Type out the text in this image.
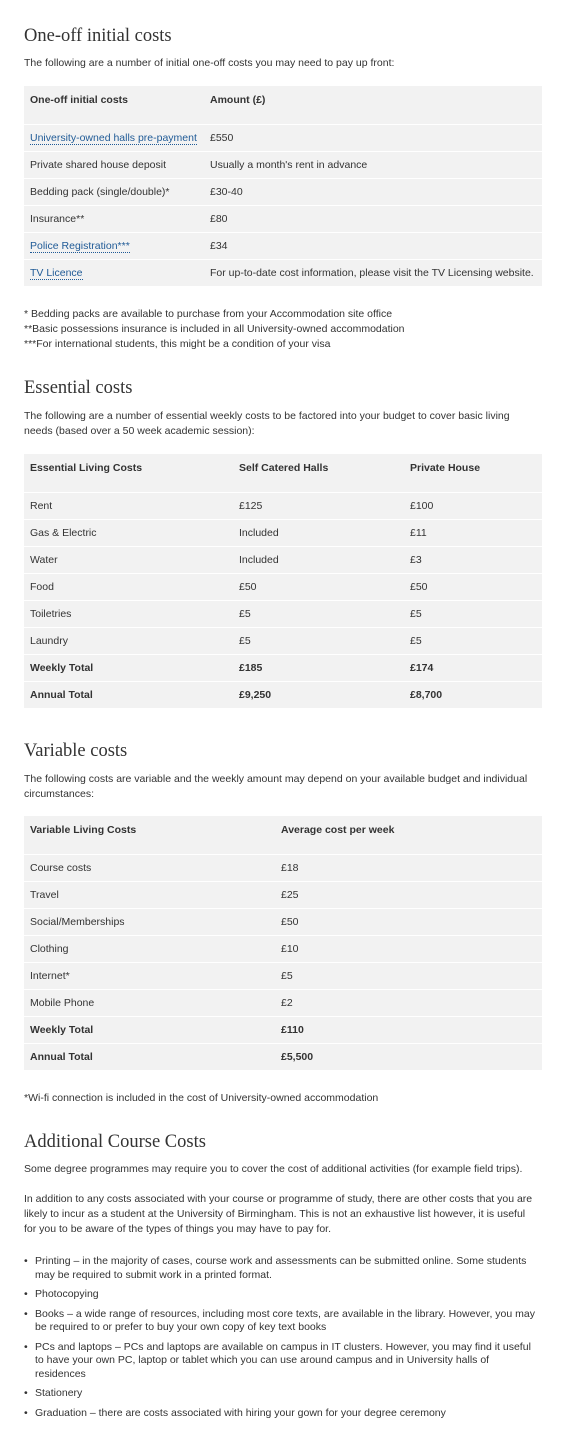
One-off initial costs

The following are a number of initial one-off costs you may need to pay up front:

One-off initial costs	Amount (£)
University-owned halls pre-payment	£550
Private shared house deposit	Usually a month's rent in advance
Bedding pack (single/double)*	£30-40
Insurance**	£80
Police Registration***	£34
TV Licence	For up-to-date cost information, please visit the TV Licensing website.

* Bedding packs are available to purchase from your Accommodation site office

**Basic possessions insurance is included in all University-owned accommodation

***For international students, this might be a condition of your visa

Essential costs

The following are a number of essential weekly costs to be factored into your budget to cover basic living needs (based over a 50 week academic session):

Essential Living Costs	Self Catered Halls	Private House
Rent	£125	£100
Gas & Electric	Included	£11
Water	Included	£3
Food	£50	£50
Toiletries	£5	£5
Laundry	£5	£5
Weekly Total	£185	£174
Annual Total	£9,250	£8,700
Variable costs

The following costs are variable and the weekly amount may depend on your available budget and individual circumstances:

Variable Living Costs	Average cost per week
Course costs	£18
Travel	£25
Social/Memberships	£50
Clothing	£10
Internet*	£5
Mobile Phone	£2
Weekly Total	£110
Annual Total	£5,500

*Wi-fi connection is included in the cost of University-owned accommodation

Additional Course Costs

Some degree programmes may require you to cover the cost of additional activities (for example field trips).

In addition to any costs associated with your course or programme of study, there are other costs that you are likely to incur as a student at the University of Birmingham. This is not an exhaustive list however, it is useful for you to be aware of the types of things you may have to pay for.

• Printing – in the majority of cases, course work and assessments can be submitted online. Some students may be required to submit work in a printed format.
• Photocopying
• Books – a wide range of resources, including most core texts, are available in the library. However, you may be required to or prefer to buy your own copy of key text books
• PCs and laptops – PCs and laptops are available on campus in IT clusters. However, you may find it useful to have your own PC, laptop or tablet which you can use around campus and in University halls of residences
• Stationery
• Graduation – there are costs associated with hiring your gown for your degree ceremony
